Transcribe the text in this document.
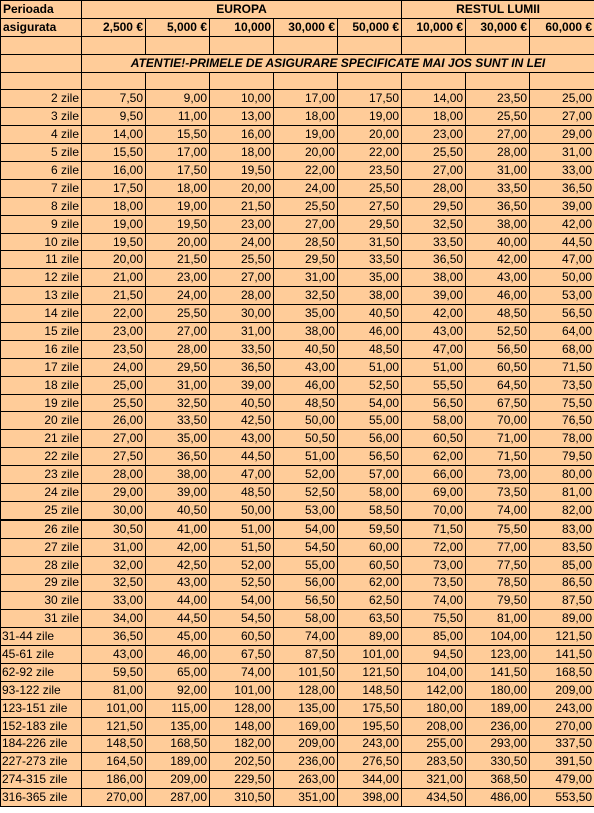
Perioada	EUROPA					RESTUL LUMII		
asigurata	2,500 €	5,000 €	10,000	30,000 €	50,000 €	10,000 €	30,000 €	60,000 €

	ATENTIE!-PRIMELE DE ASIGURARE SPECIFICATE MAI JOS SUNT IN LEI							

2 zile	7,50	9,00	10,00	17,00	17,50	14,00	23,50	25,00
3 zile	9,50	11,00	13,00	18,00	19,00	18,00	25,50	27,00
4 zile	14,00	15,50	16,00	19,00	20,00	23,00	27,00	29,00
5 zile	15,50	17,00	18,00	20,00	22,00	25,50	28,00	31,00
6 zile	16,00	17,50	19,50	22,00	23,50	27,00	31,00	33,00
7 zile	17,50	18,00	20,00	24,00	25,50	28,00	33,50	36,50
8 zile	18,00	19,00	21,50	25,50	27,50	29,50	36,50	39,00
9 zile	19,00	19,50	23,00	27,00	29,50	32,50	38,00	42,00
10 zile	19,50	20,00	24,00	28,50	31,50	33,50	40,00	44,50
11 zile	20,00	21,50	25,50	29,50	33,50	36,50	42,00	47,00
12 zile	21,00	23,00	27,00	31,00	35,00	38,00	43,00	50,00
13 zile	21,50	24,00	28,00	32,50	38,00	39,00	46,00	53,00
14 zile	22,00	25,50	30,00	35,00	40,50	42,00	48,50	56,50
15 zile	23,00	27,00	31,00	38,00	46,00	43,00	52,50	64,00
16 zile	23,50	28,00	33,50	40,50	48,50	47,00	56,50	68,00
17 zile	24,00	29,50	36,50	43,00	51,00	51,00	60,50	71,50
18 zile	25,00	31,00	39,00	46,00	52,50	55,50	64,50	73,50
19 zile	25,50	32,50	40,50	48,50	54,00	56,50	67,50	75,50
20 zile	26,00	33,50	42,50	50,00	55,00	58,00	70,00	76,50
21 zile	27,00	35,00	43,00	50,50	56,00	60,50	71,00	78,00
22 zile	27,50	36,50	44,50	51,00	56,50	62,00	71,50	79,50
23 zile	28,00	38,00	47,00	52,00	57,00	66,00	73,00	80,00
24 zile	29,00	39,00	48,50	52,50	58,00	69,00	73,50	81,00
25 zile	30,00	40,50	50,00	53,00	58,50	70,00	74,00	82,00
26 zile	30,50	41,00	51,00	54,00	59,50	71,50	75,50	83,00
27 zile	31,00	42,00	51,50	54,50	60,00	72,00	77,00	83,50
28 zile	32,00	42,50	52,00	55,00	60,50	73,00	77,50	85,00
29 zile	32,50	43,00	52,50	56,00	62,00	73,50	78,50	86,50
30 zile	33,00	44,00	54,00	56,50	62,50	74,00	79,50	87,50
31 zile	34,00	44,50	54,50	58,00	63,50	75,50	81,00	89,00
31-44 zile	36,50	45,00	60,50	74,00	89,00	85,00	104,00	121,50
45-61 zile	43,00	46,00	67,50	87,50	101,00	94,50	123,00	141,50
62-92 zile	59,50	65,00	74,00	101,50	121,50	104,00	141,50	168,50
93-122 zile	81,00	92,00	101,00	128,00	148,50	142,00	180,00	209,00
123-151 zile	101,00	115,00	128,00	135,00	175,50	180,00	189,00	243,00
152-183 zile	121,50	135,00	148,00	169,00	195,50	208,00	236,00	270,00
184-226 zile	148,50	168,50	182,00	209,00	243,00	255,00	293,00	337,50
227-273 zile	164,50	189,00	202,50	236,00	276,50	283,50	330,50	391,50
274-315 zile	186,00	209,00	229,50	263,00	344,00	321,00	368,50	479,00
316-365 zile	270,00	287,00	310,50	351,00	398,00	434,50	486,00	553,50
